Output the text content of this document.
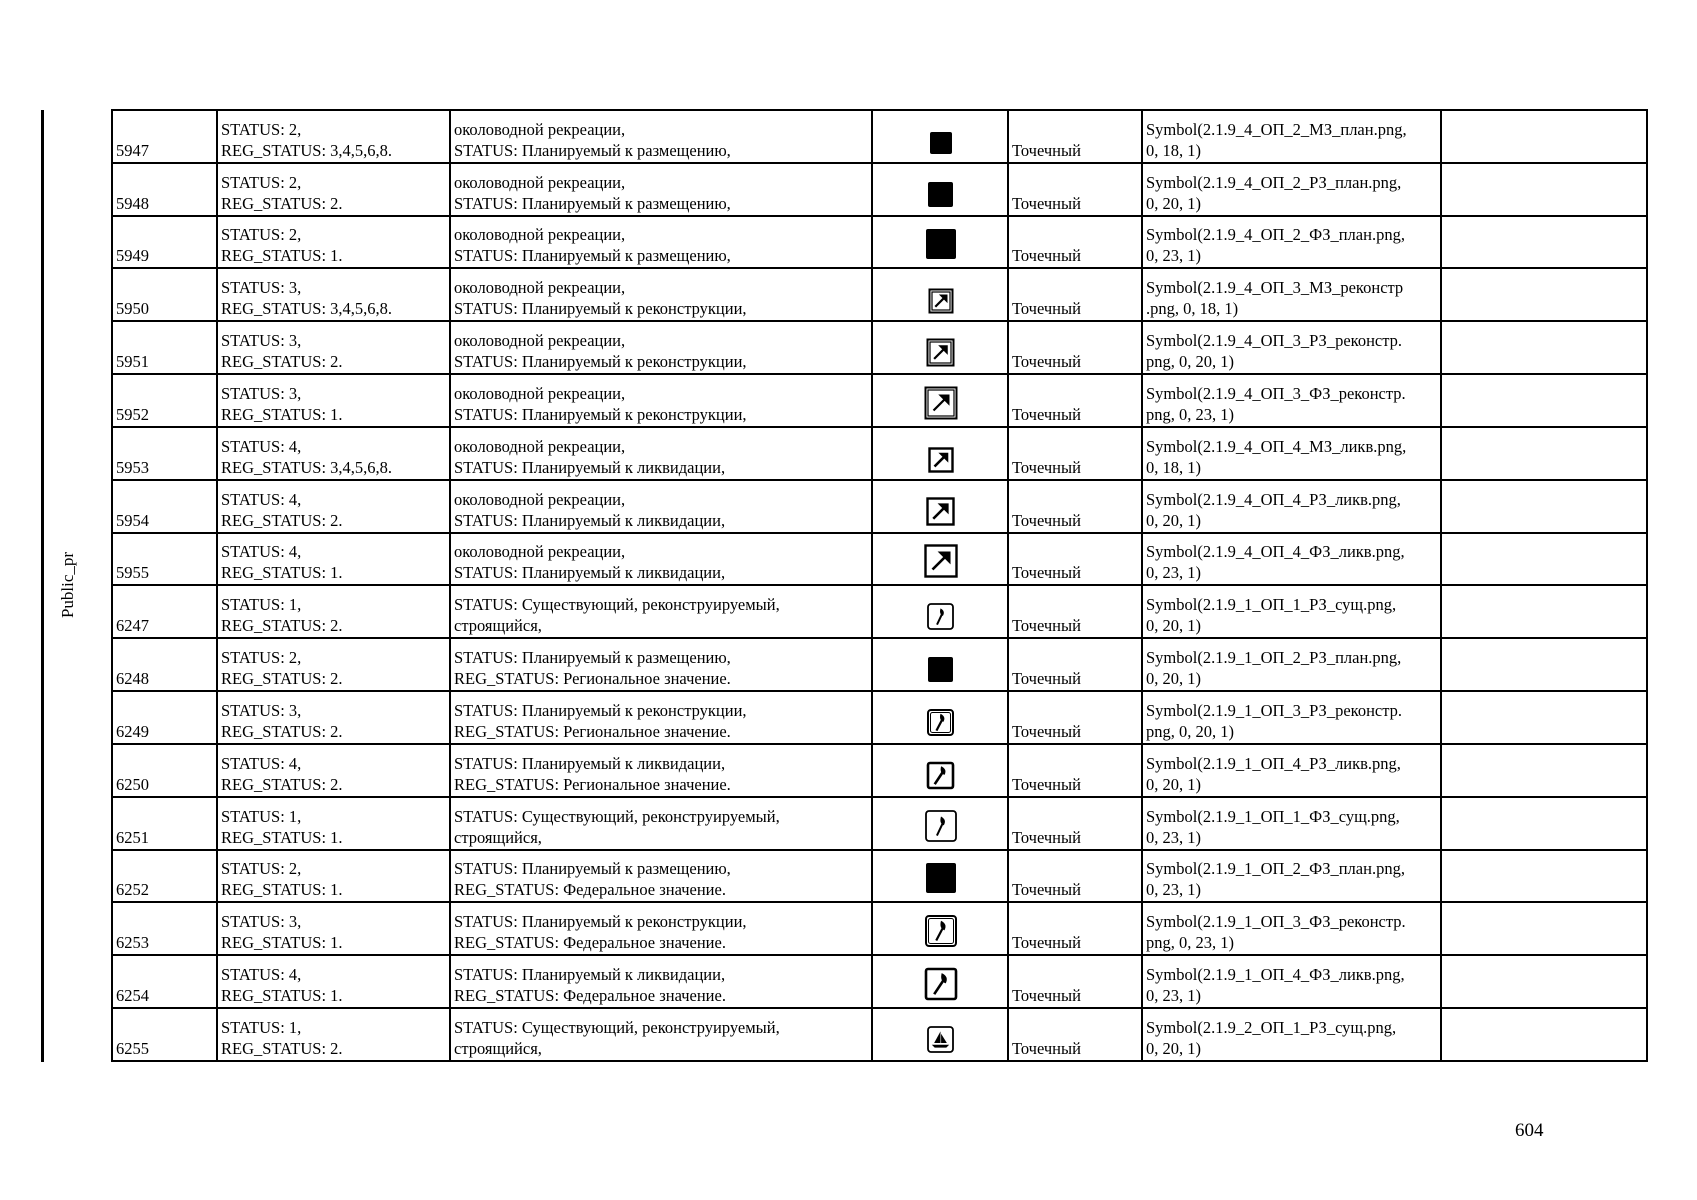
Public_pr
5947	STATUS: 2,
REG_STATUS: 3,4,5,6,8.	околоводной рекреации,
STATUS: Планируемый к размещению,		Точечный	Symbol(2.1.9_4_ОП_2_МЗ_план.png,
0, 18, 1)	

5948	STATUS: 2,
REG_STATUS: 2.	околоводной рекреации,
STATUS: Планируемый к размещению,		Точечный	Symbol(2.1.9_4_ОП_2_РЗ_план.png,
0, 20, 1)	

5949	STATUS: 2,
REG_STATUS: 1.	околоводной рекреации,
STATUS: Планируемый к размещению,		Точечный	Symbol(2.1.9_4_ОП_2_ФЗ_план.png,
0, 23, 1)	

5950	STATUS: 3,
REG_STATUS: 3,4,5,6,8.	околоводной рекреации,
STATUS: Планируемый к реконструкции,		Точечный	Symbol(2.1.9_4_ОП_3_МЗ_реконстр
.png, 0, 18, 1)	

5951	STATUS: 3,
REG_STATUS: 2.	околоводной рекреации,
STATUS: Планируемый к реконструкции,		Точечный	Symbol(2.1.9_4_ОП_3_РЗ_реконстр.
png, 0, 20, 1)	

5952	STATUS: 3,
REG_STATUS: 1.	околоводной рекреации,
STATUS: Планируемый к реконструкции,		Точечный	Symbol(2.1.9_4_ОП_3_ФЗ_реконстр.
png, 0, 23, 1)	

5953	STATUS: 4,
REG_STATUS: 3,4,5,6,8.	околоводной рекреации,
STATUS: Планируемый к ликвидации,		Точечный	Symbol(2.1.9_4_ОП_4_МЗ_ликв.png,
0, 18, 1)	

5954	STATUS: 4,
REG_STATUS: 2.	околоводной рекреации,
STATUS: Планируемый к ликвидации,		Точечный	Symbol(2.1.9_4_ОП_4_РЗ_ликв.png,
0, 20, 1)	

5955	STATUS: 4,
REG_STATUS: 1.	околоводной рекреации,
STATUS: Планируемый к ликвидации,		Точечный	Symbol(2.1.9_4_ОП_4_ФЗ_ликв.png,
0, 23, 1)	

6247	STATUS: 1,
REG_STATUS: 2.	STATUS: Существующий, реконструируемый,
строящийся,		Точечный	Symbol(2.1.9_1_ОП_1_РЗ_сущ.png,
0, 20, 1)	

6248	STATUS: 2,
REG_STATUS: 2.	STATUS: Планируемый к размещению,
REG_STATUS: Региональное значение.		Точечный	Symbol(2.1.9_1_ОП_2_РЗ_план.png,
0, 20, 1)	

6249	STATUS: 3,
REG_STATUS: 2.	STATUS: Планируемый к реконструкции,
REG_STATUS: Региональное значение.		Точечный	Symbol(2.1.9_1_ОП_3_РЗ_реконстр.
png, 0, 20, 1)	

6250	STATUS: 4,
REG_STATUS: 2.	STATUS: Планируемый к ликвидации,
REG_STATUS: Региональное значение.		Точечный	Symbol(2.1.9_1_ОП_4_РЗ_ликв.png,
0, 20, 1)	

6251	STATUS: 1,
REG_STATUS: 1.	STATUS: Существующий, реконструируемый,
строящийся,		Точечный	Symbol(2.1.9_1_ОП_1_ФЗ_сущ.png,
0, 23, 1)	

6252	STATUS: 2,
REG_STATUS: 1.	STATUS: Планируемый к размещению,
REG_STATUS: Федеральное значение.		Точечный	Symbol(2.1.9_1_ОП_2_ФЗ_план.png,
0, 23, 1)	

6253	STATUS: 3,
REG_STATUS: 1.	STATUS: Планируемый к реконструкции,
REG_STATUS: Федеральное значение.		Точечный	Symbol(2.1.9_1_ОП_3_ФЗ_реконстр.
png, 0, 23, 1)	

6254	STATUS: 4,
REG_STATUS: 1.	STATUS: Планируемый к ликвидации,
REG_STATUS: Федеральное значение.		Точечный	Symbol(2.1.9_1_ОП_4_ФЗ_ликв.png,
0, 23, 1)	

6255	STATUS: 1,
REG_STATUS: 2.	STATUS: Существующий, реконструируемый,
строящийся,		Точечный	Symbol(2.1.9_2_ОП_1_РЗ_сущ.png,
0, 20, 1)	

604
